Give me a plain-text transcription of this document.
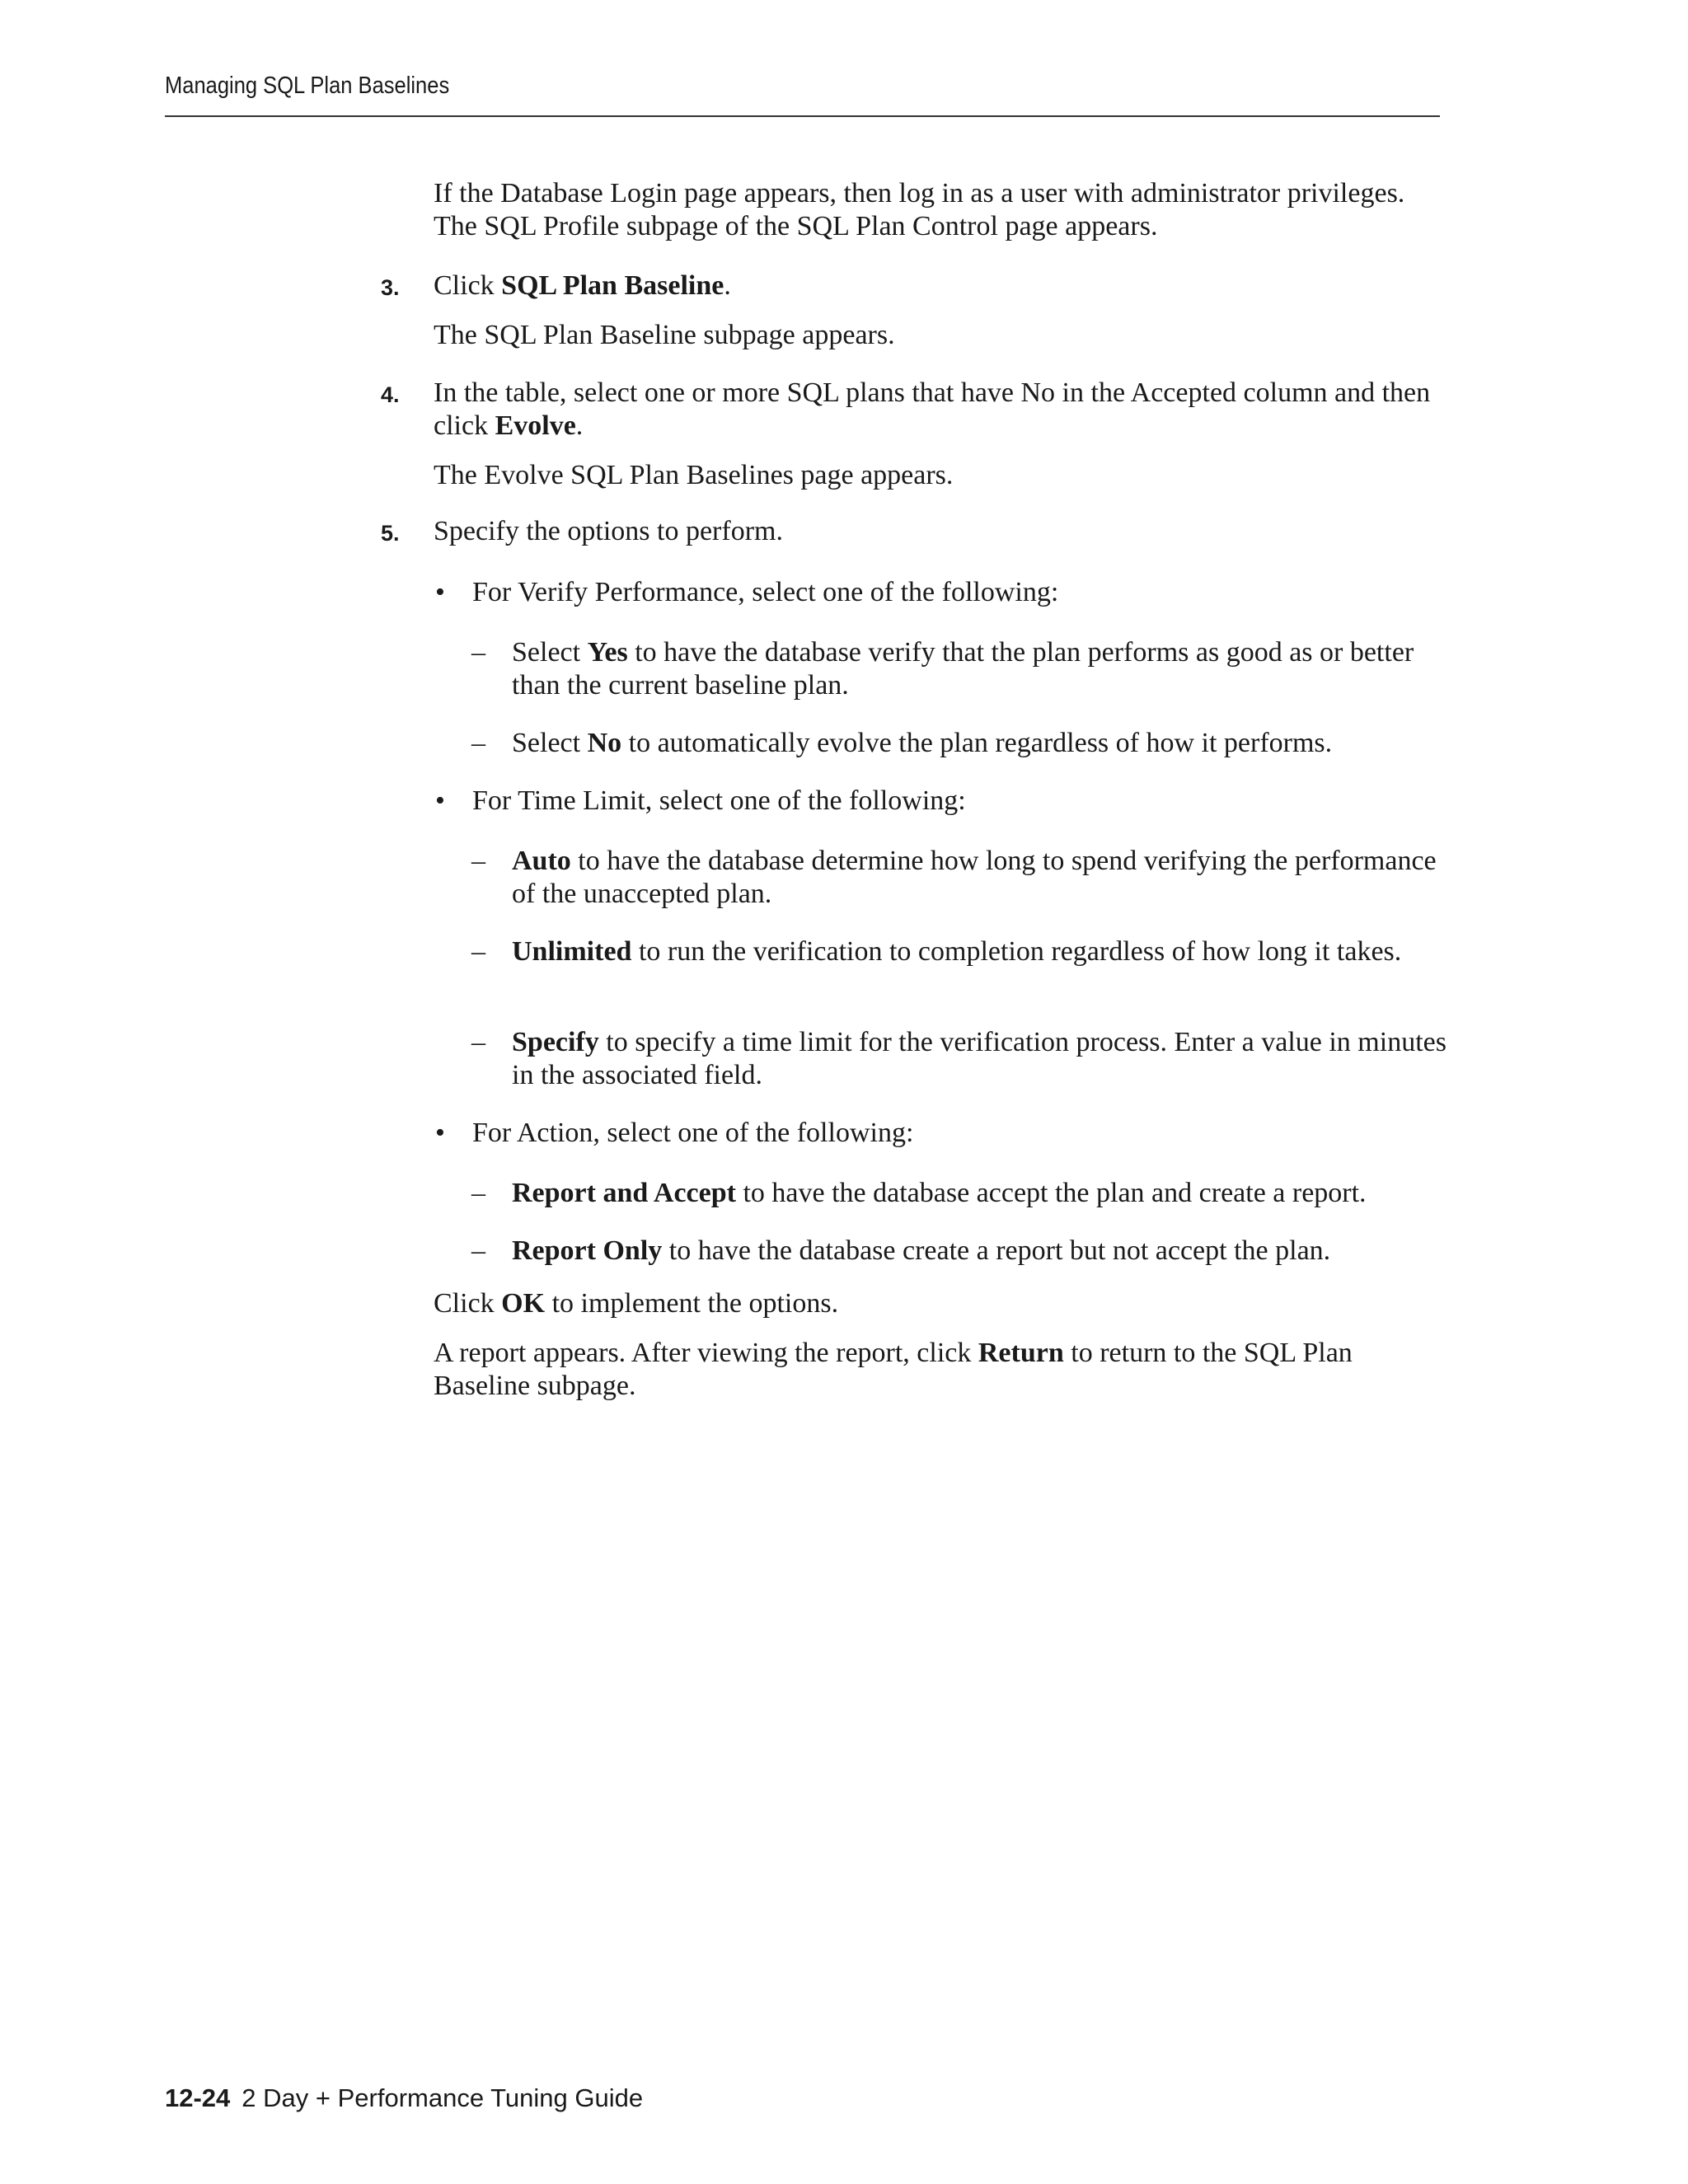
Managing SQL Plan Baselines

If the Database Login page appears, then log in as a user with administrator privileges. The SQL Profile subpage of the SQL Plan Control page appears.

3. Click SQL Plan Baseline.

The SQL Plan Baseline subpage appears.

4. In the table, select one or more SQL plans that have No in the Accepted column and then click Evolve.

The Evolve SQL Plan Baselines page appears.

5. Specify the options to perform.

• For Verify Performance, select one of the following:

– Select Yes to have the database verify that the plan performs as good as or better than the current baseline plan.

– Select No to automatically evolve the plan regardless of how it performs.

• For Time Limit, select one of the following:

– Auto to have the database determine how long to spend verifying the performance of the unaccepted plan.

– Unlimited to run the verification to completion regardless of how long it takes.

– Specify to specify a time limit for the verification process. Enter a value in minutes in the associated field.

• For Action, select one of the following:

– Report and Accept to have the database accept the plan and create a report.

– Report Only to have the database create a report but not accept the plan.

Click OK to implement the options.

A report appears. After viewing the report, click Return to return to the SQL Plan Baseline subpage.

12-24 2 Day + Performance Tuning Guide
